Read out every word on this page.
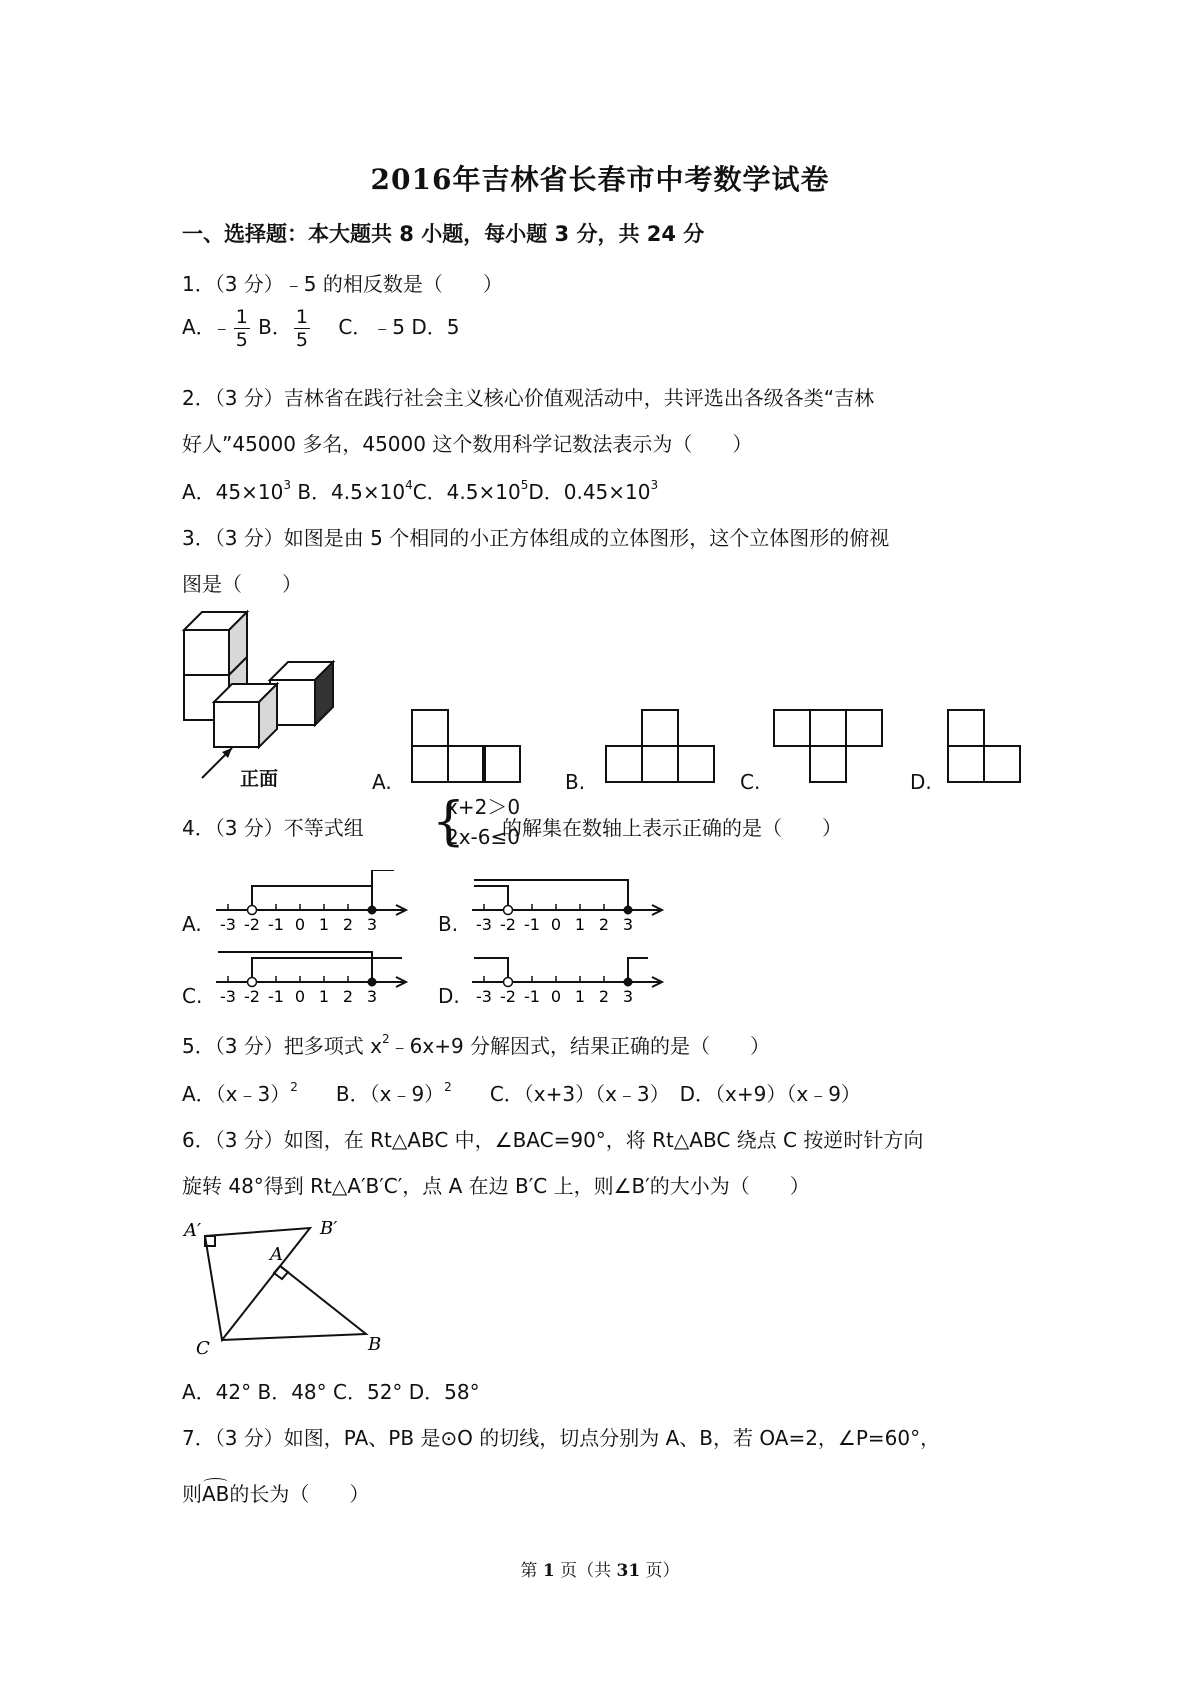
2016年吉林省长春市中考数学试卷
一、选择题：本大题共 8 小题，每小题 3 分，共 24 分
1．（3 分）﹣5 的相反数是（　　）
A．﹣ $\frac{1}{5}$ B． $\frac{1}{5}$ C．﹣5 D．5
2．（3 分）吉林省在践行社会主义核心价值观活动中，共评选出各级各类“吉林
好人”45000 多名，45000 这个数用科学记数法表示为（　　）
A．$45\times 10^3$ B．$4.5\times 10^4C$．$4.5\times 10^5D$．$0.45\times 10^3$
3．（3 分）如图是由 5 个相同的小正方体组成的立体图形，这个立体图形的俯视
图是（　　）
正面	A.	B.	C.	D.
4．（3 分）不等式组 {
x+2＞0
2x-6≤0
的解集在数轴上表示正确的是（　　）
A.	B.
C.	D.
-3 -2 -1 0 1 2 3	-3 -2 -1 0 1 2 3
-3 -2 -1 0 1 2 3	-3 -2 -1 0 1 2 3
5．（3 分）把多项式 $x^2﹣6x+9$ 分解因式，结果正确的是（　　）
A．（x﹣3）$^2$ B．（x﹣9）$^2$ C．（x+3）（x﹣3）　D．（x+9）（x﹣9）
6．（3 分）如图，在 Rt△ABC 中，∠BAC=90°，将 Rt△ABC 绕点 C 按逆时针方向
旋转 48°得到 Rt△A′B′C′，点 A 在边 B′C 上，则∠B′的大小为（　　）
A′	B′
A
B
C
A．42° B．48° C．52° D．58°
7．（3 分）如图，PA、PB 是⊙O 的切线，切点分别为 A、B，若 OA=2，∠P=60°，
则AB的长为（　　）
第 1 页（共 31 页）
